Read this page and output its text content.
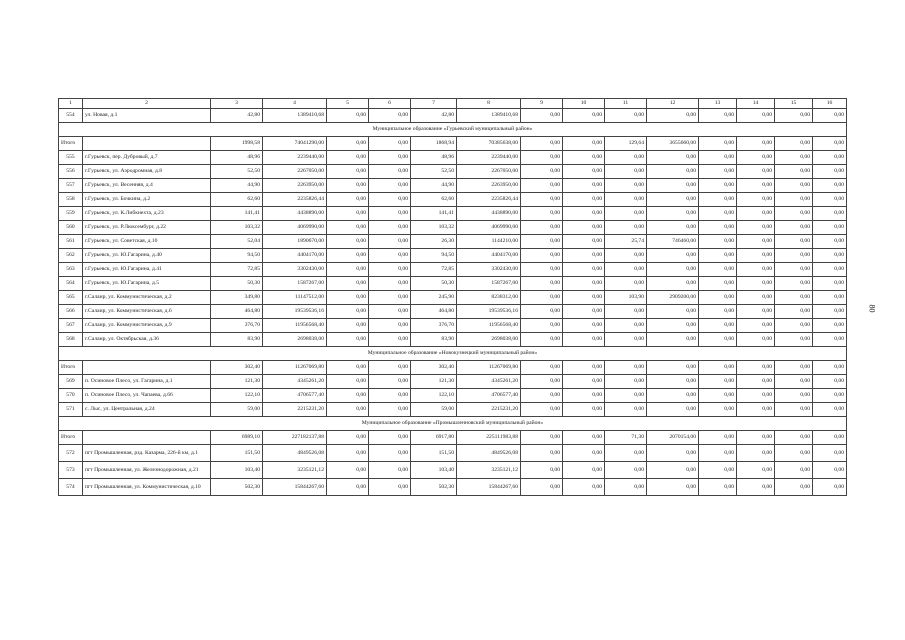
1	2	3	4	5	6	7	8	9	10	11	12	13	14	15	16
554	ул. Новая, д.1	42,80	1389410,68	0,00	0,00	42,80	1389410,68	0,00	0,00	0,00	0,00	0,00	0,00	0,00	0,00
Муниципальное образование «Гурьевский муниципальный район»															
Итого		1998,58	74041290,00	0,00	0,00	1868,94	70385638,00	0,00	0,00	129,64	3655660,00	0,00	0,00	0,00	0,00
555	г.Гурьевск, пер. Дубровый, д.7	48,96	2239440,00	0,00	0,00	48,96	2239440,00	0,00	0,00	0,00	0,00	0,00	0,00	0,00	0,00
556	г.Гурьевск, ул. Аэродромная, д.8	52,50	2267050,00	0,00	0,00	52,50	2267050,00	0,00	0,00	0,00	0,00	0,00	0,00	0,00	0,00
557	г.Гурьевск, ул. Весенняя, д.4	44,90	2263950,00	0,00	0,00	44,90	2263950,00	0,00	0,00	0,00	0,00	0,00	0,00	0,00	0,00
558	г.Гурьевск, ул. Бочкина, д.2	62,60	2235826,44	0,00	0,00	62,60	2235826,44	0,00	0,00	0,00	0,00	0,00	0,00	0,00	0,00
559	г.Гурьевск, ул. К.Либкнехта, д.23	141,41	4438890,00	0,00	0,00	141,41	4438890,00	0,00	0,00	0,00	0,00	0,00	0,00	0,00	0,00
560	г.Гурьевск, ул. Р.Люксембург, д.22	103,32	4069990,00	0,00	0,00	103,32	4069990,00	0,00	0,00	0,00	0,00	0,00	0,00	0,00	0,00
561	г.Гурьевск, ул. Советская, д.10	52,04	1890670,00	0,00	0,00	26,30	1144210,00	0,00	0,00	25,74	746460,00	0,00	0,00	0,00	0,00
562	г.Гурьевск, ул. Ю.Гагарина, д.40	94,50	4404170,00	0,00	0,00	94,50	4404170,00	0,00	0,00	0,00	0,00	0,00	0,00	0,00	0,00
563	г.Гурьевск, ул. Ю.Гагарина, д.41	72,85	3302430,00	0,00	0,00	72,85	3302430,00	0,00	0,00	0,00	0,00	0,00	0,00	0,00	0,00
564	г.Гурьевск, ул. Ю.Гагарина, д.5	50,30	1587267,00	0,00	0,00	50,30	1587267,00	0,00	0,00	0,00	0,00	0,00	0,00	0,00	0,00
565	г.Салаир, ул. Коммунистическая, д.2	349,80	11147512,00	0,00	0,00	245,90	8238312,00	0,00	0,00	103,90	2909200,00	0,00	0,00	0,00	0,00
566	г.Салаир, ул. Коммунистическая, д.6	464,80	19539536,16	0,00	0,00	464,80	19539536,16	0,00	0,00	0,00	0,00	0,00	0,00	0,00	0,00
567	г.Салаир, ул. Коммунистическая, д.9	376,70	11956568,40	0,00	0,00	376,70	11956568,40	0,00	0,00	0,00	0,00	0,00	0,00	0,00	0,00
568	г.Салаир, ул. Октябрьская, д.36	83,90	2698038,00	0,00	0,00	83,90	2698038,00	0,00	0,00	0,00	0,00	0,00	0,00	0,00	0,00
Муниципальное образование «Новокузнецкий муниципальный район»															
Итого		302,40	11267069,80	0,00	0,00	302,40	11267069,80	0,00	0,00	0,00	0,00	0,00	0,00	0,00	0,00
569	п. Осиновое Плесо, ул. Гагарина, д.1	121,30	4345261,20	0,00	0,00	121,30	4345261,20	0,00	0,00	0,00	0,00	0,00	0,00	0,00	0,00
570	п. Осиновое Плесо, ул. Чапаева, д.66	122,10	4706577,40	0,00	0,00	122,10	4706577,40	0,00	0,00	0,00	0,00	0,00	0,00	0,00	0,00
571	с. Лыс, ул. Центральная, д.24	59,00	2215231,20	0,00	0,00	59,00	2215231,20	0,00	0,00	0,00	0,00	0,00	0,00	0,00	0,00
Муниципальное образование «Промышленновский муниципальный район»															
Итого		6989,10	227182137,88	0,00	0,00	6917,80	225111983,88	0,00	0,00	71,30	2070154,00	0,00	0,00	0,00	0,00
572	пгт Промышленная, рзд. Казарма, 226-й км, д.1	151,50	4849526,08	0,00	0,00	151,50	4849526,08	0,00	0,00	0,00	0,00	0,00	0,00	0,00	0,00
573	пгт Промышленная, ул. Железнодорожная, д.21	103,40	3235121,12	0,00	0,00	103,40	3235121,12	0,00	0,00	0,00	0,00	0,00	0,00	0,00	0,00
574	пгт Промышленная, ул. Коммунистическая, д.10	502,30	15844267,60	0,00	0,00	502,30	15844267,60	0,00	0,00	0,00	0,00	0,00	0,00	0,00	0,00
80
